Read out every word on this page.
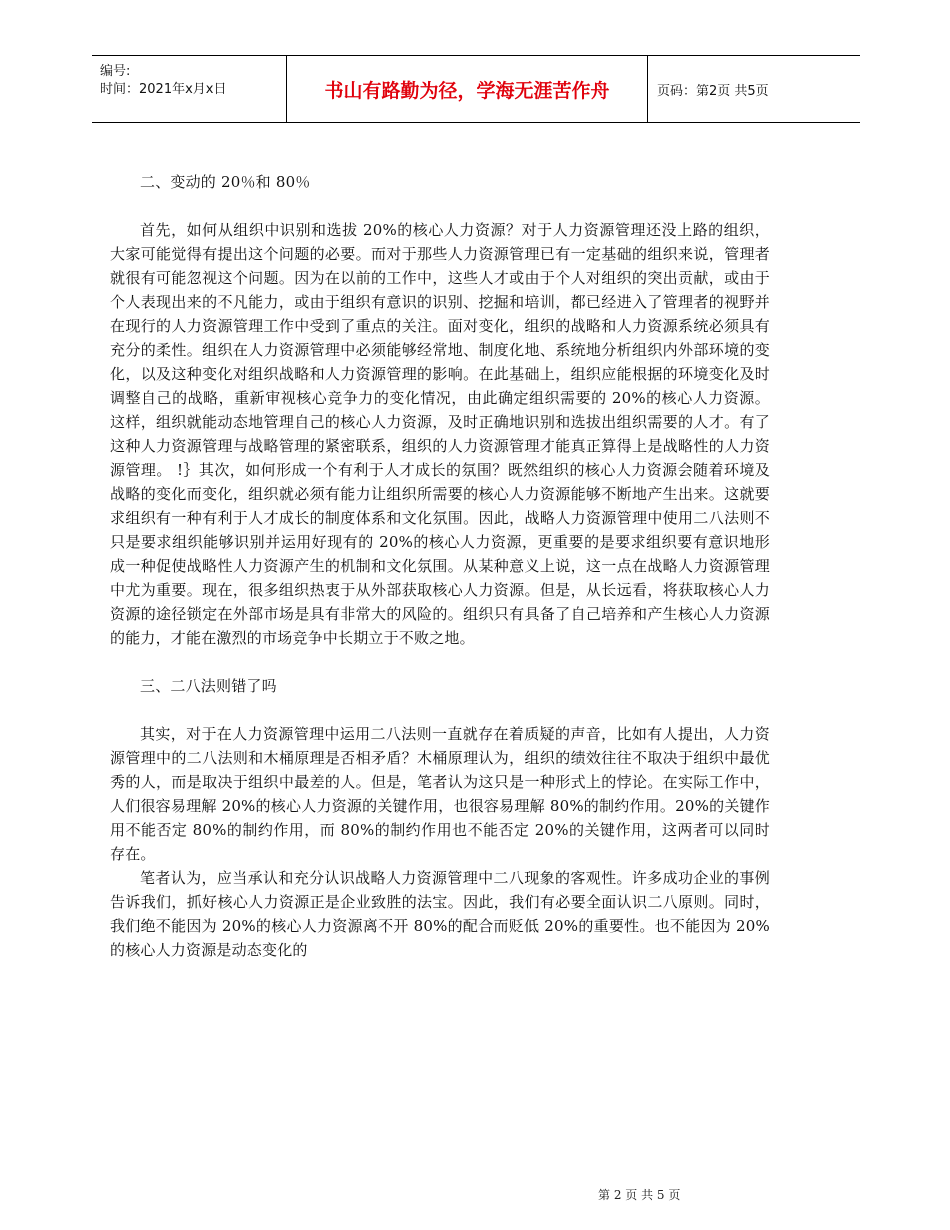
编号:
时间：2021年x月x日	书山有路勤为径，学海无涯苦作舟	页码：第2页 共5页
二、变动的 20％和 80％

首先，如何从组织中识别和选拔 20%的核心人力资源？对于人力资源管理还没上路的组织，大家可能觉得有提出这个问题的必要。而对于那些人力资源管理已有一定基础的组织来说，管理者就很有可能忽视这个问题。因为在以前的工作中，这些人才或由于个人对组织的突出贡献，或由于个人表现出来的不凡能力，或由于组织有意识的识别、挖掘和培训，都已经进入了管理者的视野并在现行的人力资源管理工作中受到了重点的关注。面对变化，组织的战略和人力资源系统必须具有充分的柔性。组织在人力资源管理中必须能够经常地、制度化地、系统地分析组织内外部环境的变化，以及这种变化对组织战略和人力资源管理的影响。在此基础上，组织应能根据的环境变化及时调整自己的战略，重新审视核心竞争力的变化情况，由此确定组织需要的 20%的核心人力资源。这样，组织就能动态地管理自己的核心人力资源，及时正确地识别和选拔出组织需要的人才。有了这种人力资源管理与战略管理的紧密联系，组织的人力资源管理才能真正算得上是战略性的人力资源管理。 !｝其次，如何形成一个有利于人才成长的氛围？既然组织的核心人力资源会随着环境及战略的变化而变化，组织就必须有能力让组织所需要的核心人力资源能够不断地产生出来。这就要求组织有一种有利于人才成长的制度体系和文化氛围。因此，战略人力资源管理中使用二八法则不只是要求组织能够识别并运用好现有的 20%的核心人力资源，更重要的是要求组织要有意识地形成一种促使战略性人力资源产生的机制和文化氛围。从某种意义上说，这一点在战略人力资源管理中尤为重要。现在，很多组织热衷于从外部获取核心人力资源。但是，从长远看，将获取核心人力资源的途径锁定在外部市场是具有非常大的风险的。组织只有具备了自己培养和产生核心人力资源的能力，才能在激烈的市场竞争中长期立于不败之地。

三、二八法则错了吗

其实，对于在人力资源管理中运用二八法则一直就存在着质疑的声音，比如有人提出，人力资源管理中的二八法则和木桶原理是否相矛盾？木桶原理认为，组织的绩效往往不取决于组织中最优秀的人，而是取决于组织中最差的人。但是，笔者认为这只是一种形式上的悖论。在实际工作中，人们很容易理解 20%的核心人力资源的关键作用，也很容易理解 80%的制约作用。20%的关键作用不能否定 80%的制约作用，而 80%的制约作用也不能否定 20%的关键作用，这两者可以同时存在。

笔者认为，应当承认和充分认识战略人力资源管理中二八现象的客观性。许多成功企业的事例告诉我们，抓好核心人力资源正是企业致胜的法宝。因此，我们有必要全面认识二八原则。同时，我们绝不能因为 20%的核心人力资源离不开 80%的配合而贬低 20%的重要性。也不能因为 20%的核心人力资源是动态变化的

第 2 页 共 5 页
